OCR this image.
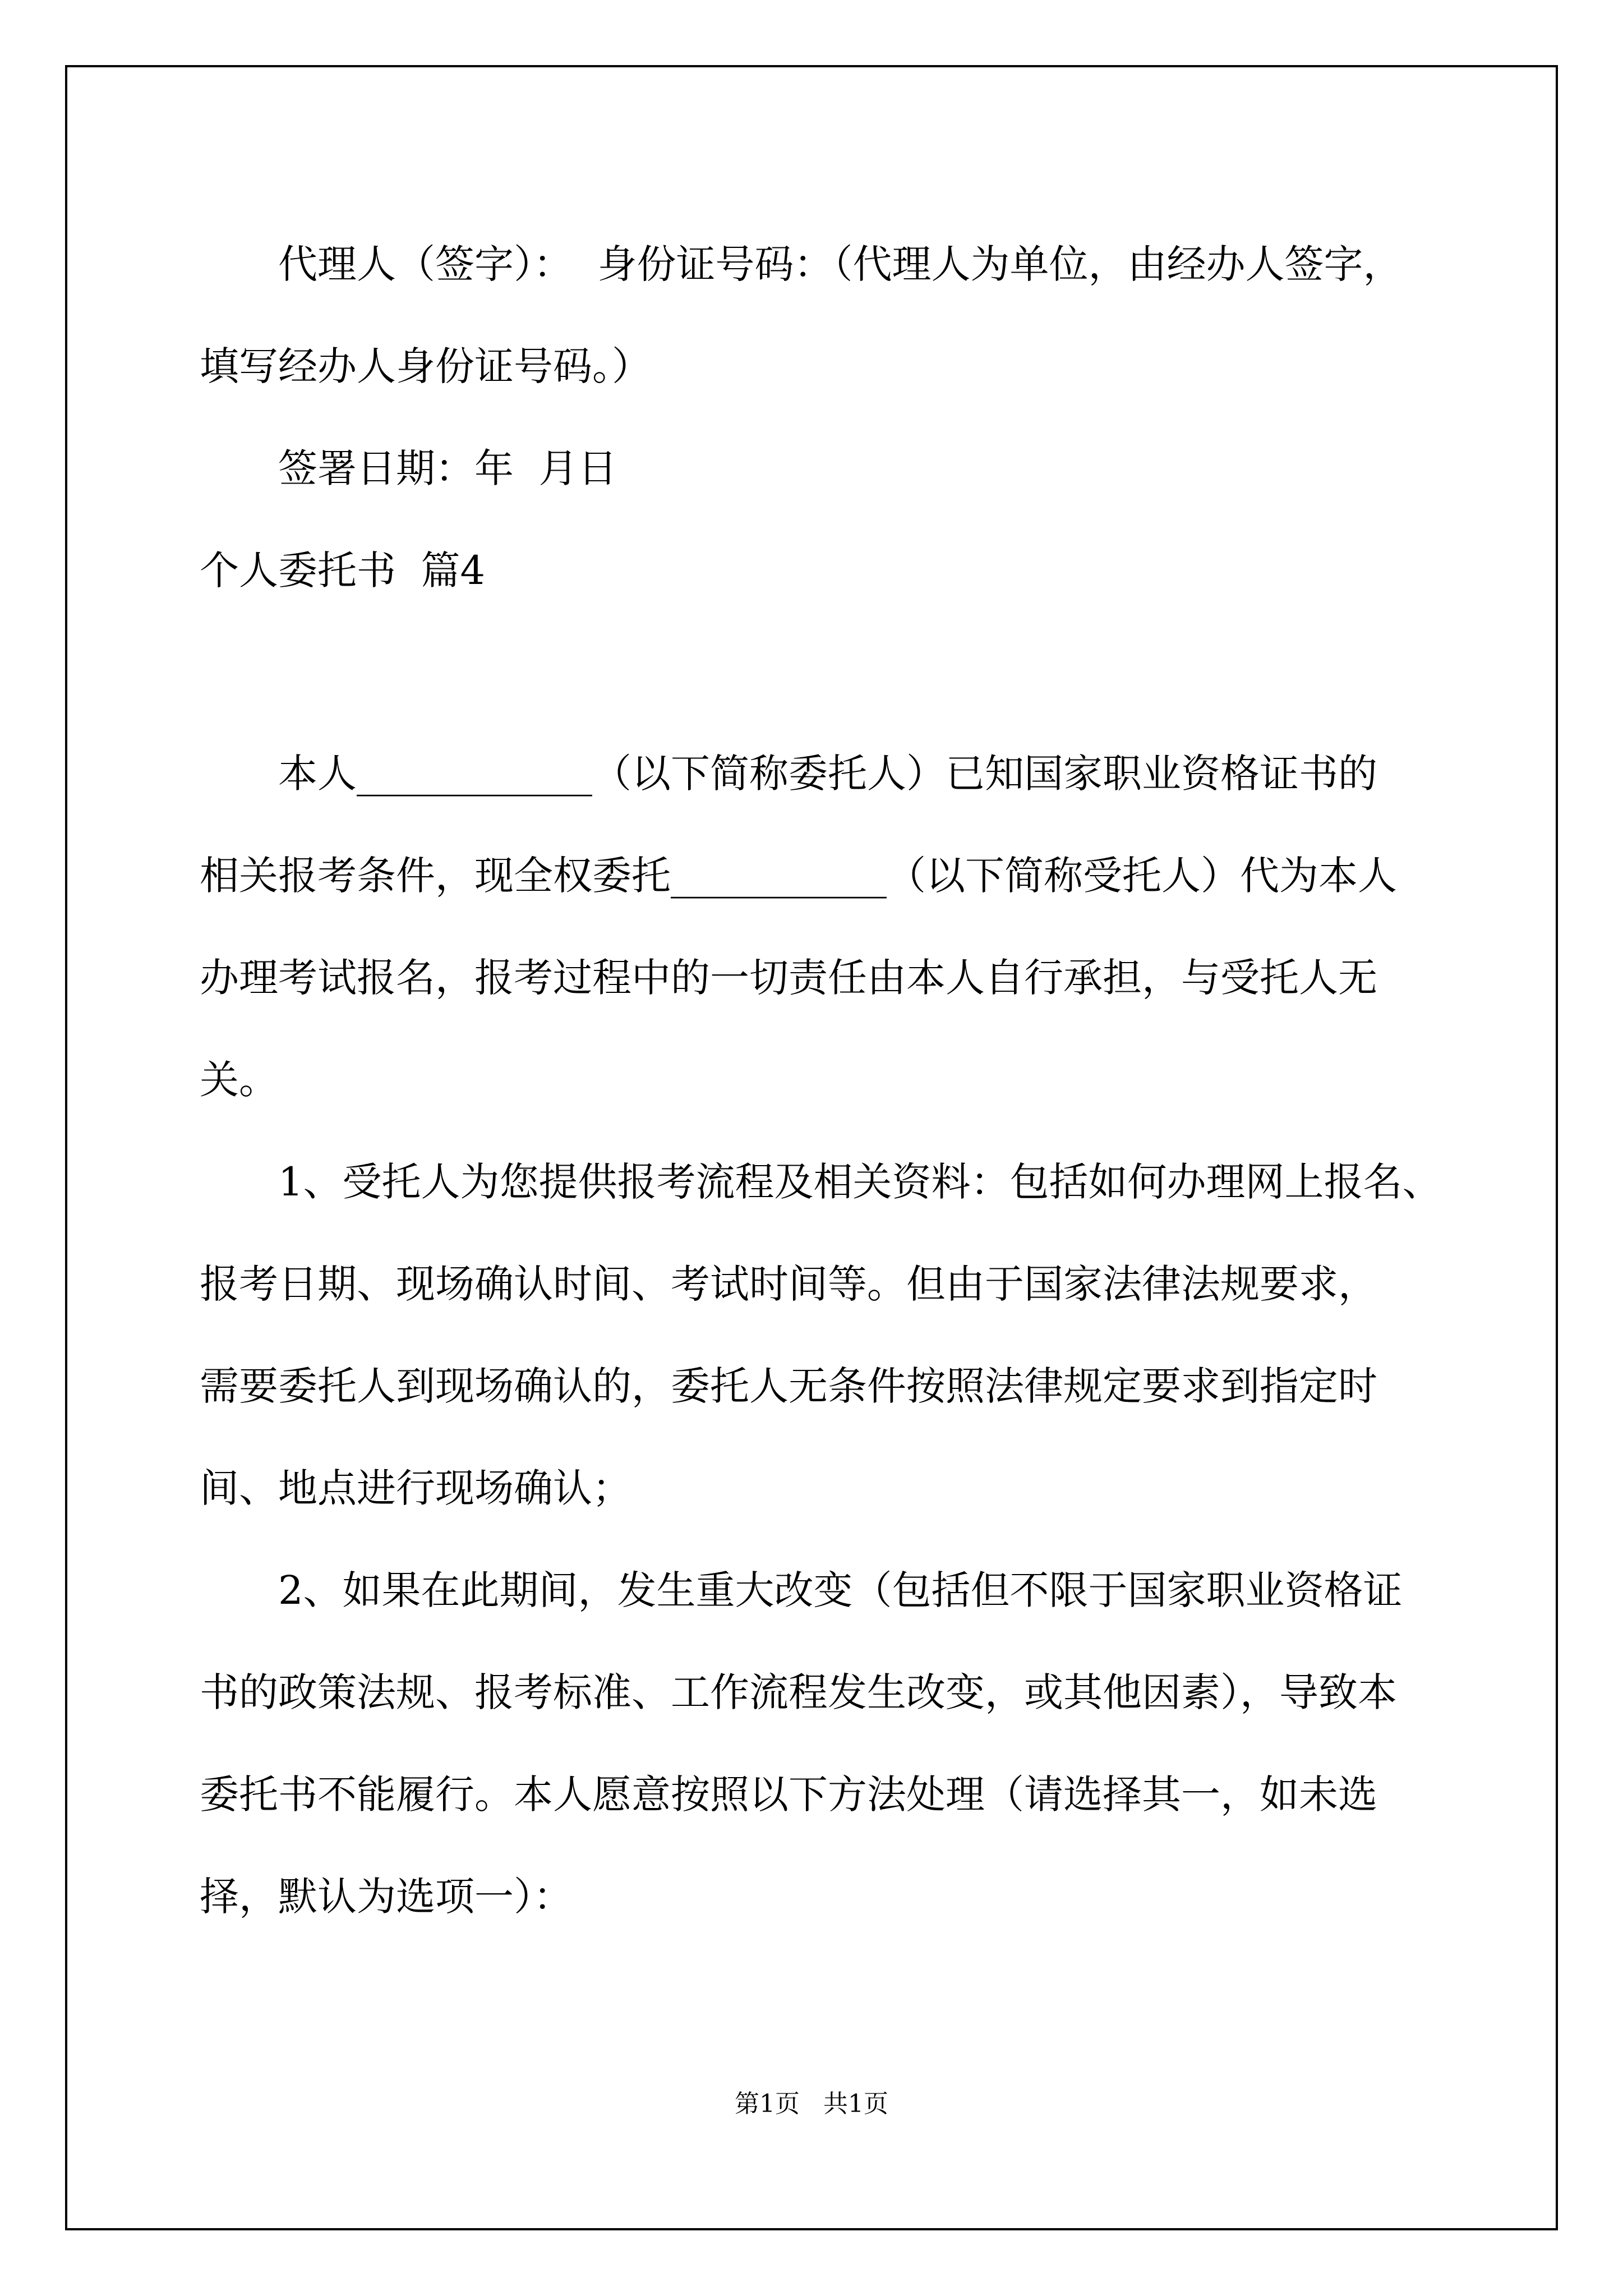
代理人（签字）：  身份证号码：（代理人为单位，由经办人签字，
填写经办人身份证号码。）
签署日期：年  月日
个人委托书  篇4
本人____________（以下简称委托人）已知国家职业资格证书的
相关报考条件，现全权委托___________（以下简称受托人）代为本人
办理考试报名，报考过程中的一切责任由本人自行承担，与受托人无
关。
1、受托人为您提供报考流程及相关资料：包括如何办理网上报名、
报考日期、现场确认时间、考试时间等。但由于国家法律法规要求，
需要委托人到现场确认的，委托人无条件按照法律规定要求到指定时
间、地点进行现场确认；
2、如果在此期间，发生重大改变（包括但不限于国家职业资格证
书的政策法规、报考标准、工作流程发生改变，或其他因素），导致本
委托书不能履行。本人愿意按照以下方法处理（请选择其一，如未选
择，默认为选项一）：
第1页   共1页
